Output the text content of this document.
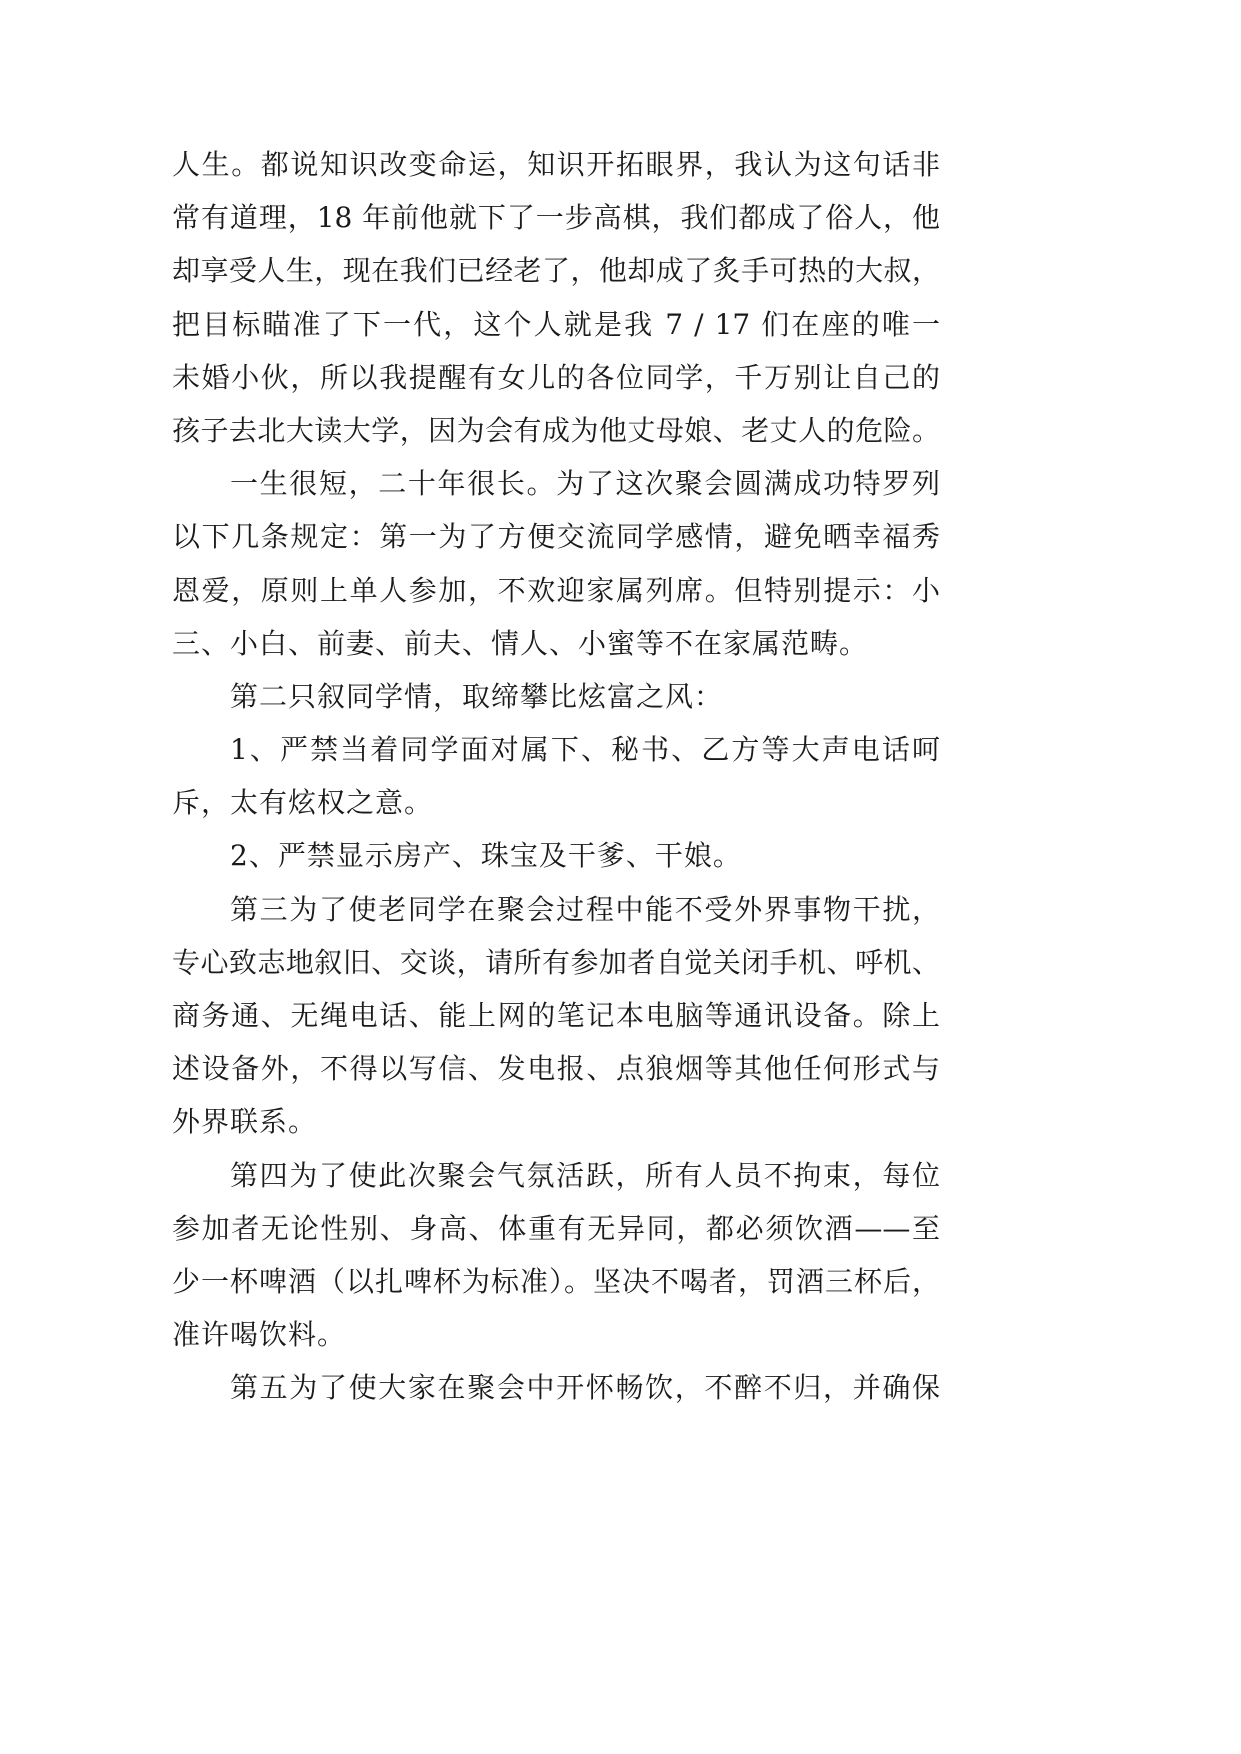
人生。都说知识改变命运，知识开拓眼界，我认为这句话非
常有道理，18 年前他就下了一步高棋，我们都成了俗人，他
却享受人生，现在我们已经老了，他却成了炙手可热的大叔，
把目标瞄准了下一代，这个人就是我 7 / 17 们在座的唯一
未婚小伙，所以我提醒有女儿的各位同学，千万别让自己的
孩子去北大读大学，因为会有成为他丈母娘、老丈人的危险。
一生很短，二十年很长。为了这次聚会圆满成功特罗列
以下几条规定：第一为了方便交流同学感情，避免晒幸福秀
恩爱，原则上单人参加，不欢迎家属列席。但特别提示：小
三、小白、前妻、前夫、情人、小蜜等不在家属范畴。
第二只叙同学情，取缔攀比炫富之风：
1、严禁当着同学面对属下、秘书、乙方等大声电话呵
斥，太有炫权之意。
2、严禁显示房产、珠宝及干爹、干娘。
第三为了使老同学在聚会过程中能不受外界事物干扰，
专心致志地叙旧、交谈，请所有参加者自觉关闭手机、呼机、
商务通、无绳电话、能上网的笔记本电脑等通讯设备。除上
述设备外，不得以写信、发电报、点狼烟等其他任何形式与
外界联系。
第四为了使此次聚会气氛活跃，所有人员不拘束，每位
参加者无论性别、身高、体重有无异同，都必须饮酒——至
少一杯啤酒（以扎啤杯为标准）。坚决不喝者，罚酒三杯后，
准许喝饮料。
第五为了使大家在聚会中开怀畅饮，不醉不归，并确保
